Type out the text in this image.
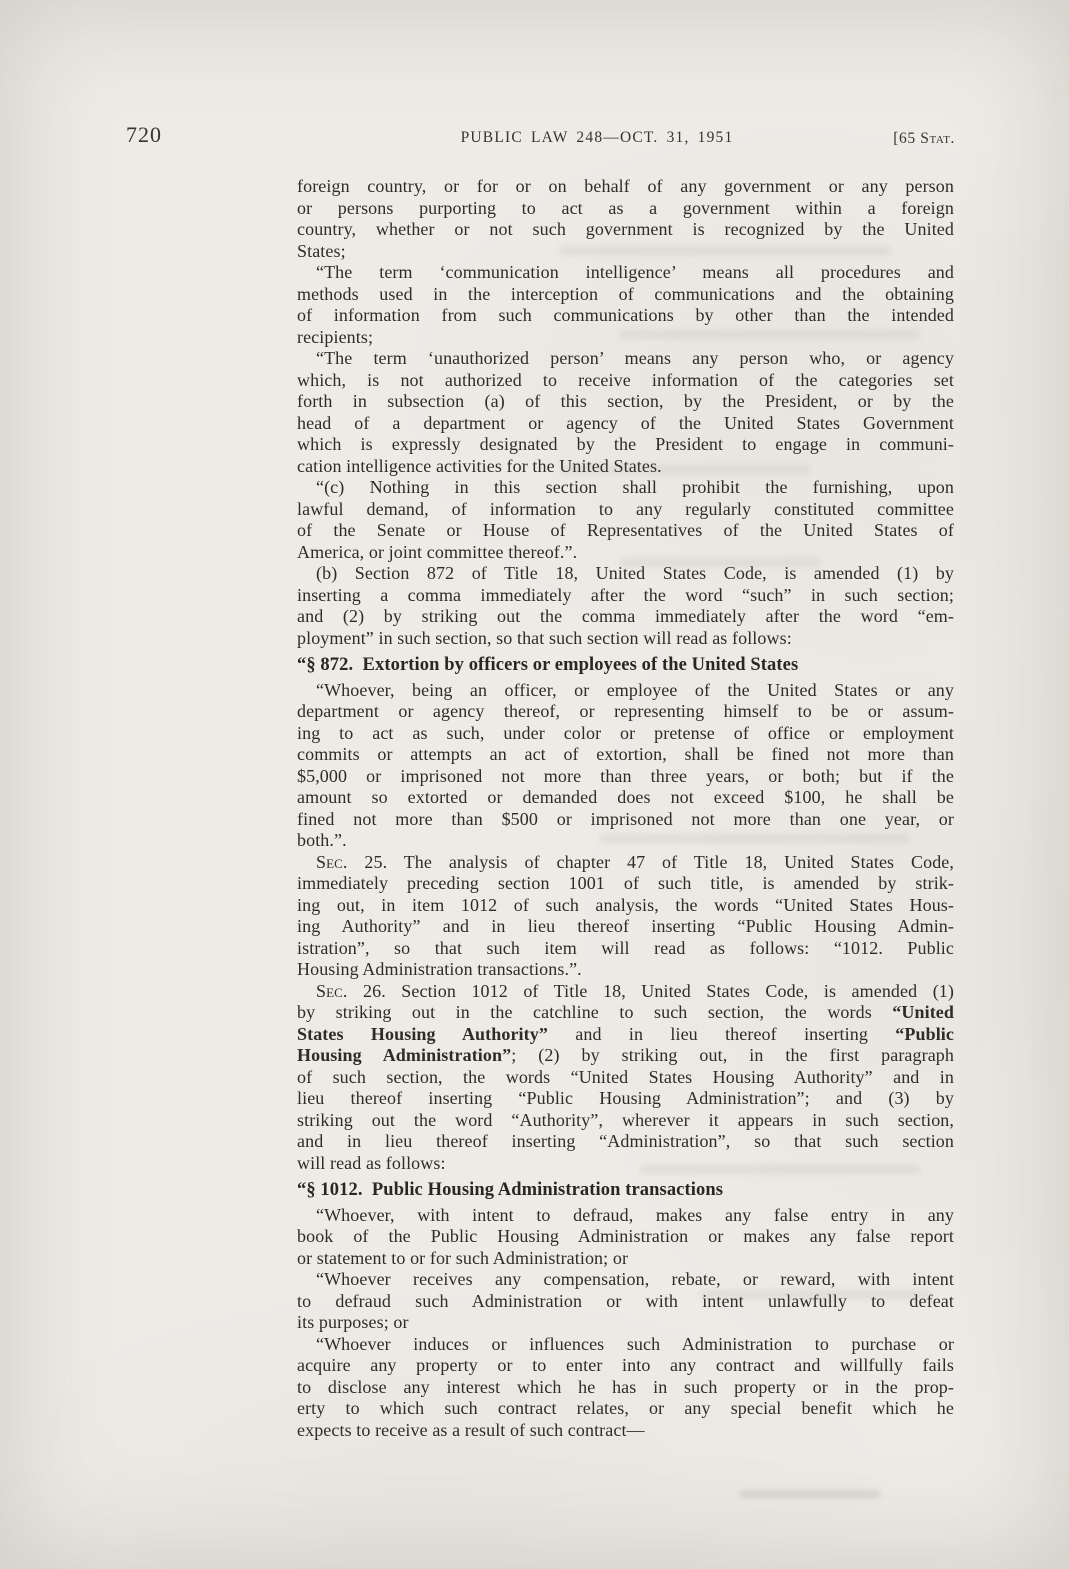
720	PUBLIC LAW 248—OCT. 31, 1951	[65 Stat.
foreign country, or for or on behalf of any government or any person
or persons purporting to act as a government within a foreign
country, whether or not such government is recognized by the United
States;
“The term ‘communication intelligence’ means all procedures and
methods used in the interception of communications and the obtaining
of information from such communications by other than the intended
recipients;
“The term ‘unauthorized person’ means any person who, or agency
which, is not authorized to receive information of the categories set
forth in subsection (a) of this section, by the President, or by the
head of a department or agency of the United States Government
which is expressly designated by the President to engage in communi-
cation intelligence activities for the United States.
“(c) Nothing in this section shall prohibit the furnishing, upon
lawful demand, of information to any regularly constituted committee
of the Senate or House of Representatives of the United States of
America, or joint committee thereof.”.
(b) Section 872 of Title 18, United States Code, is amended (1) by
inserting a comma immediately after the word “such” in such section;
and (2) by striking out the comma immediately after the word “em-
ployment” in such section, so that such section will read as follows:
“§ 872. Extortion by officers or employees of the United States
“Whoever, being an officer, or employee of the United States or any
department or agency thereof, or representing himself to be or assum-
ing to act as such, under color or pretense of office or employment
commits or attempts an act of extortion, shall be fined not more than
$5,000 or imprisoned not more than three years, or both; but if the
amount so extorted or demanded does not exceed $100, he shall be
fined not more than $500 or imprisoned not more than one year, or
both.”.
Sec. 25. The analysis of chapter 47 of Title 18, United States Code,
immediately preceding section 1001 of such title, is amended by strik-
ing out, in item 1012 of such analysis, the words “United States Hous-
ing Authority” and in lieu thereof inserting “Public Housing Admin-
istration”, so that such item will read as follows: “1012. Public
Housing Administration transactions.”.
Sec. 26. Section 1012 of Title 18, United States Code, is amended (1)
by striking out in the catchline to such section, the words “United
States Housing Authority” and in lieu thereof inserting “Public
Housing Administration”; (2) by striking out, in the first paragraph
of such section, the words “United States Housing Authority” and in
lieu thereof inserting “Public Housing Administration”; and (3) by
striking out the word “Authority”, wherever it appears in such section,
and in lieu thereof inserting “Administration”, so that such section
will read as follows:
“§ 1012. Public Housing Administration transactions
“Whoever, with intent to defraud, makes any false entry in any
book of the Public Housing Administration or makes any false report
or statement to or for such Administration; or
“Whoever receives any compensation, rebate, or reward, with intent
to defraud such Administration or with intent unlawfully to defeat
its purposes; or
“Whoever induces or influences such Administration to purchase or
acquire any property or to enter into any contract and willfully fails
to disclose any interest which he has in such property or in the prop-
erty to which such contract relates, or any special benefit which he
expects to receive as a result of such contract—
